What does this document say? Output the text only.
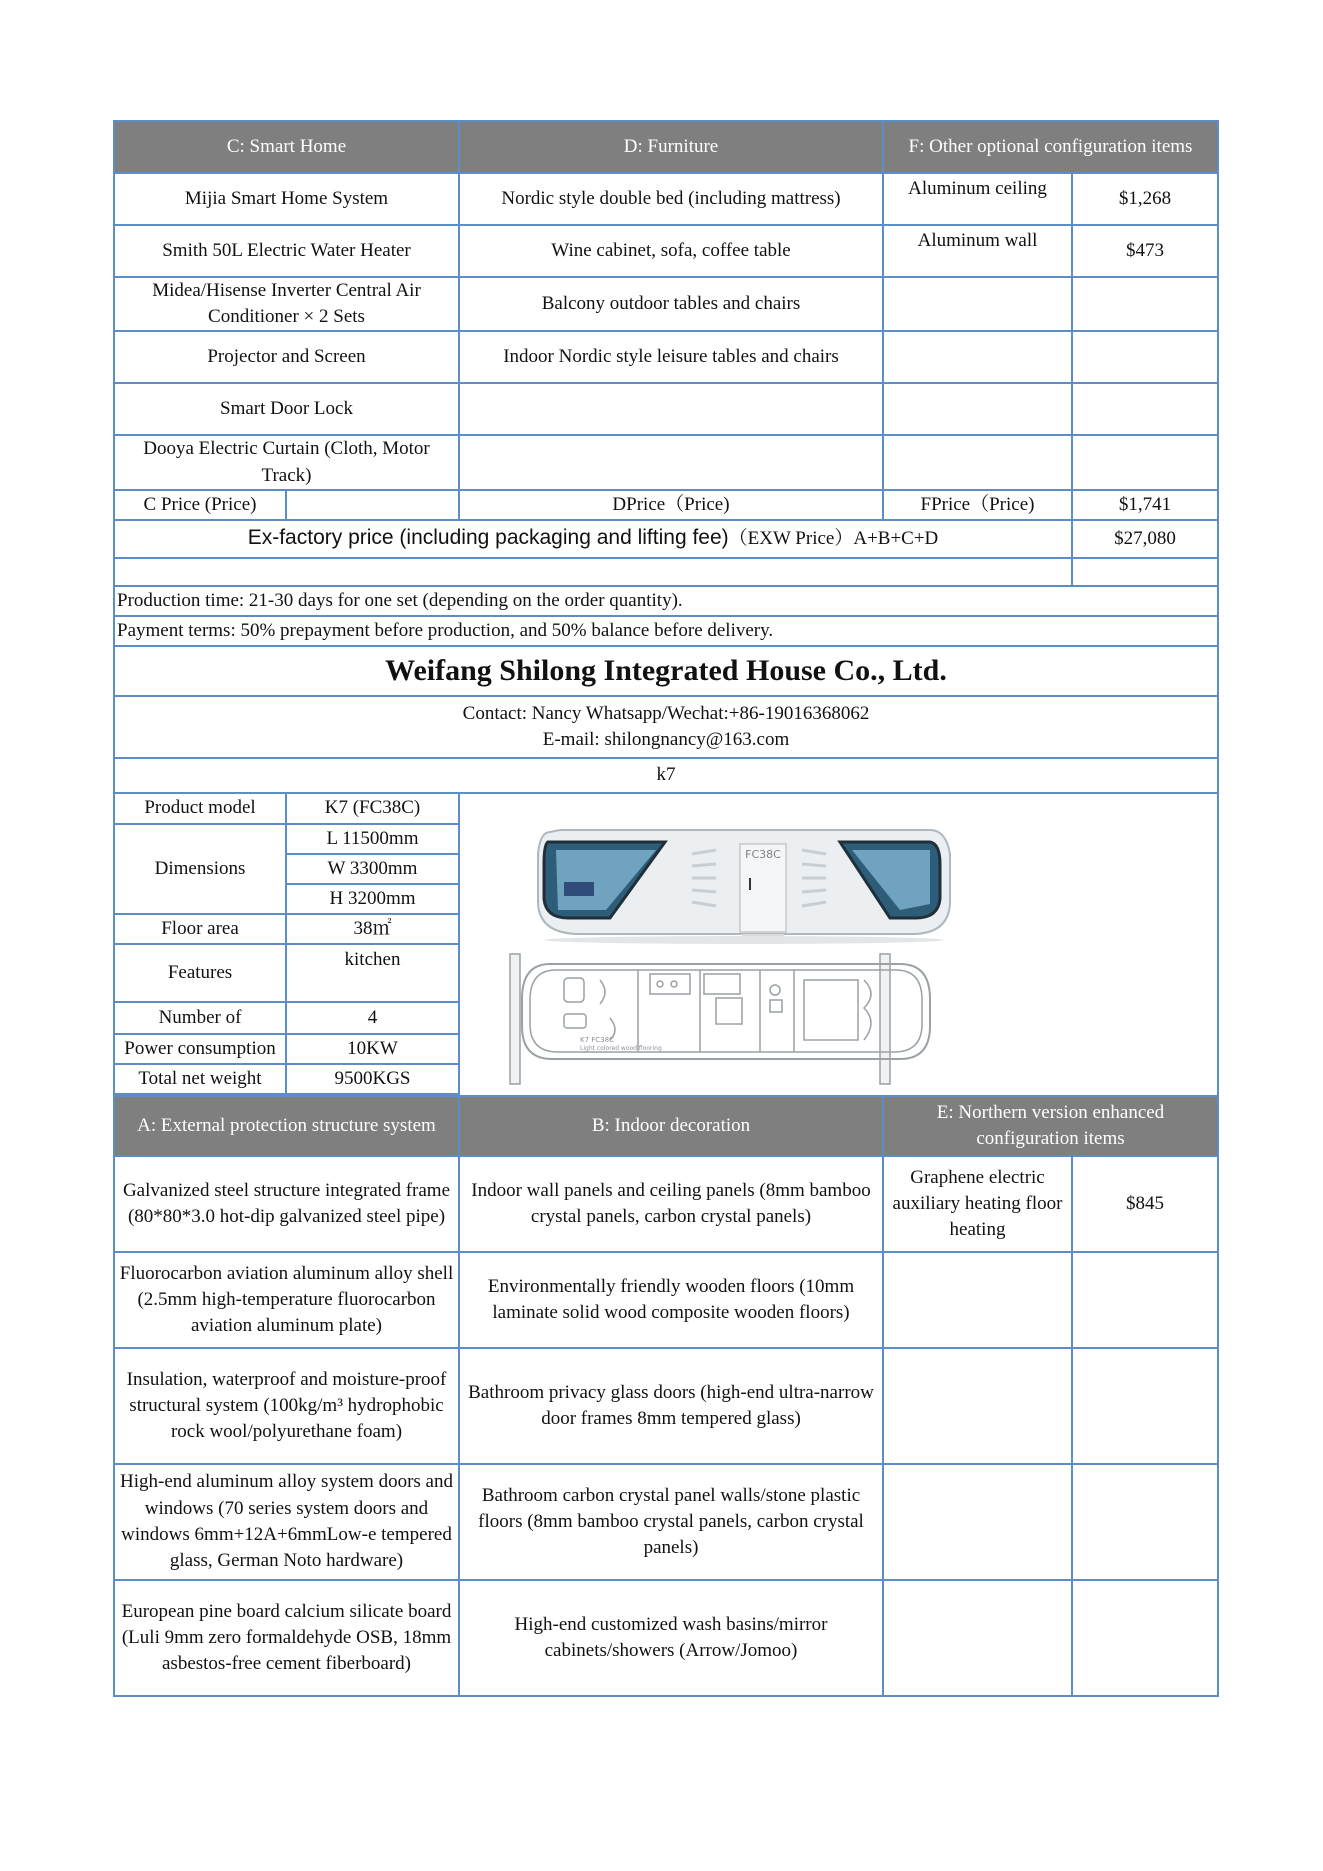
C: Smart Home		D: Furniture	F: Other optional configuration items	
Mijia Smart Home System		Nordic style double bed (including mattress)	Aluminum ceiling	$1,268
Smith 50L Electric Water Heater		Wine cabinet, sofa, coffee table	Aluminum wall	$473
Midea/Hisense Inverter Central Air Conditioner × 2 Sets		Balcony outdoor tables and chairs		
Projector and Screen		Indoor Nordic style leisure tables and chairs		
Smart Door Lock				
Dooya Electric Curtain (Cloth, Motor Track)				
C Price (Price)		DPrice（Price)	FPrice（Price)	$1,741
Ex-factory price (including packaging and lifting fee)（EXW Price）A+B+C+D				$27,080

Production time: 21-30 days for one set (depending on the order quantity).				
Payment terms: 50% prepayment before production, and 50% balance before delivery.				
Weifang Shilong Integrated House Co., Ltd.				

Contact: Nancy Whatsapp/Wechat:+86-19016368062
E-mail: shilongnancy@163.com				

k7				
Product model	K7 (FC38C)	FC38C
K7 FC38C
Light colored wood flooring		

Dimensions	L 11500mm			
	W 3300mm			
	H 3200mm			
Floor area	38㎡			
Features	kitchen			
Number of	4			
Power consumption	10KW			
Total net weight	9500KGS			

A: External protection structure system		B: Indoor decoration	E: Northern version enhanced configuration items	
Galvanized steel structure integrated frame (80*80*3.0 hot-dip galvanized steel pipe)		Indoor wall panels and ceiling panels (8mm bamboo crystal panels, carbon crystal panels)	Graphene electric auxiliary heating floor heating	$845
Fluorocarbon aviation aluminum alloy shell (2.5mm high-temperature fluorocarbon aviation aluminum plate)		Environmentally friendly wooden floors (10mm laminate solid wood composite wooden floors)		
Insulation, waterproof and moisture-proof structural system (100kg/m³ hydrophobic rock wool/polyurethane foam)		Bathroom privacy glass doors (high-end ultra-narrow door frames 8mm tempered glass)		
High-end aluminum alloy system doors and windows (70 series system doors and windows 6mm+12A+6mmLow-e tempered glass, German Noto hardware)		Bathroom carbon crystal panel walls/stone plastic floors (8mm bamboo crystal panels, carbon crystal panels)		
European pine board calcium silicate board (Luli 9mm zero formaldehyde OSB, 18mm asbestos-free cement fiberboard)		High-end customized wash basins/mirror cabinets/showers (Arrow/Jomoo)		
